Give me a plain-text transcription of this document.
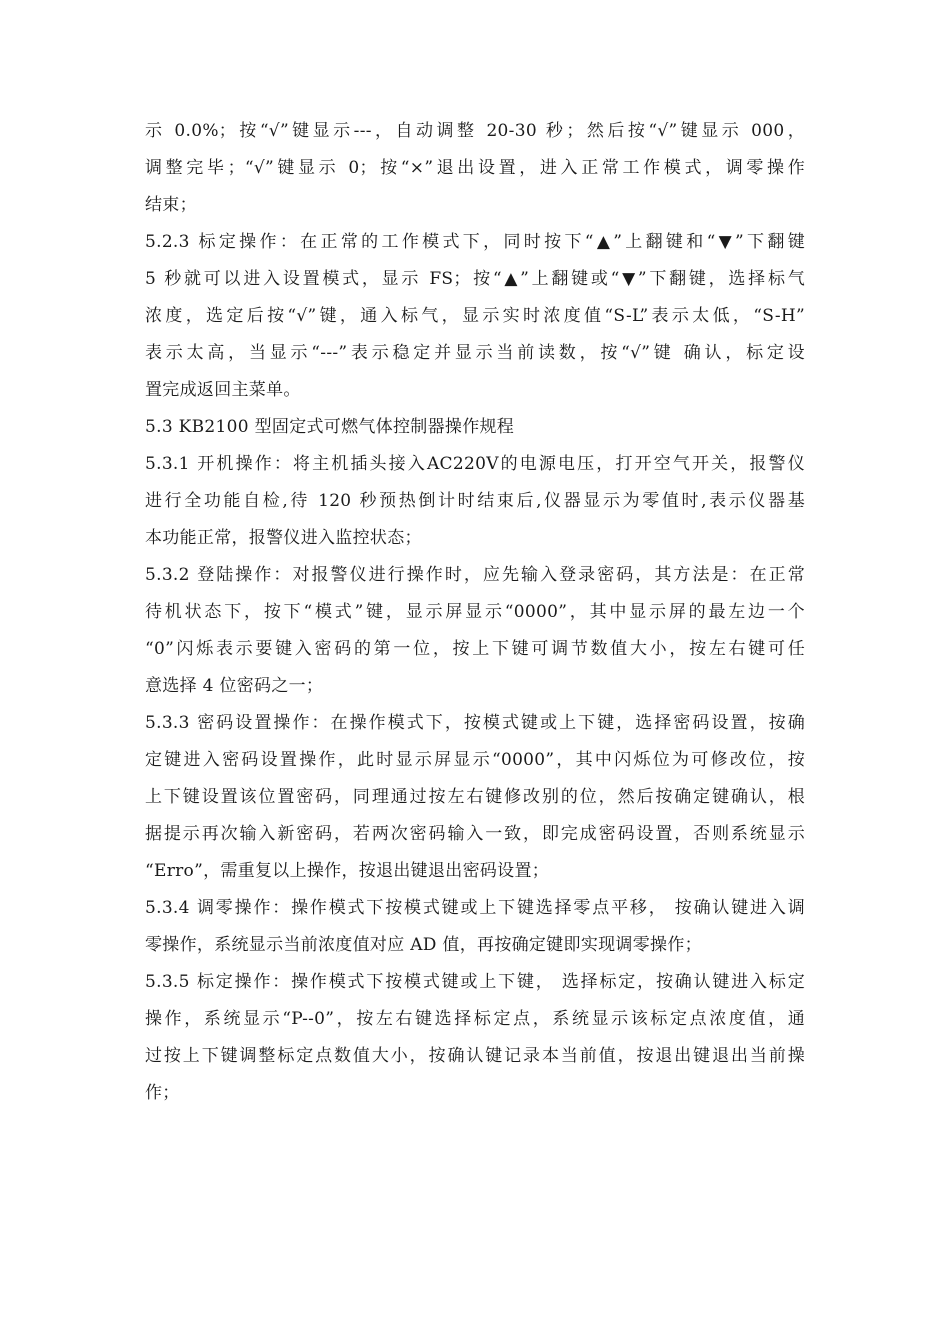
示 0.0%；按“√”键显示---，自动调整 20-30 秒；然后按“√”键显示 000，
调整完毕；“√”键显示 0；按“×”退出设置，进入正常工作模式，调零操作
结束；
5.2.3 标定操作：在正常的工作模式下，同时按下“▲”上翻键和“▼”下翻键
5 秒就可以进入设置模式，显示 FS；按“▲”上翻键或“▼”下翻键，选择标气
浓度，选定后按“√”键，通入标气，显示实时浓度值“S-L”表示太低，“S-H”
表示太高，当显示“---”表示稳定并显示当前读数，按“√”键 确认，标定设
置完成返回主菜单。
5.3 KB2100 型固定式可燃气体控制器操作规程
5.3.1 开机操作：将主机插头接入AC220V的电源电压，打开空气开关，报警仪
进行全功能自检,待 120 秒预热倒计时结束后,仪器显示为零值时,表示仪器基
本功能正常，报警仪进入监控状态；
5.3.2 登陆操作：对报警仪进行操作时，应先输入登录密码，其方法是：在正常
待机状态下，按下“模式”键，显示屏显示“0000”，其中显示屏的最左边一个
“0”闪烁表示要键入密码的第一位，按上下键可调节数值大小，按左右键可任
意选择 4 位密码之一；
5.3.3 密码设置操作：在操作模式下，按模式键或上下键，选择密码设置，按确
定键进入密码设置操作，此时显示屏显示“0000”，其中闪烁位为可修改位，按
上下键设置该位置密码，同理通过按左右键修改别的位，然后按确定键确认，根
据提示再次输入新密码，若两次密码输入一致，即完成密码设置，否则系统显示
“Erro”，需重复以上操作，按退出键退出密码设置；
5.3.4 调零操作：操作模式下按模式键或上下键选择零点平移， 按确认键进入调
零操作，系统显示当前浓度值对应 AD 值，再按确定键即实现调零操作；
5.3.5 标定操作：操作模式下按模式键或上下键， 选择标定，按确认键进入标定
操作，系统显示“P--0”，按左右键选择标定点，系统显示该标定点浓度值，通
过按上下键调整标定点数值大小，按确认键记录本当前值，按退出键退出当前操
作；
